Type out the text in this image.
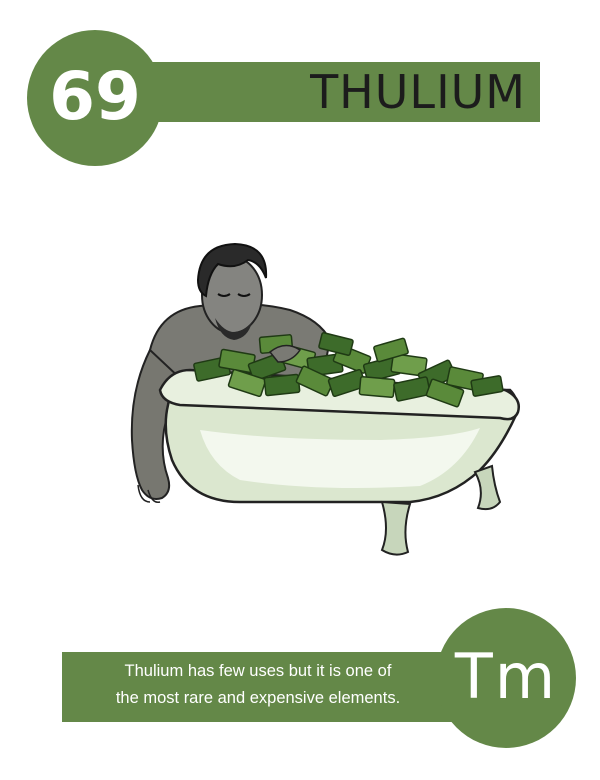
THULIUM
69
Thulium has few uses but it is one of
the most rare and expensive elements. Tm
